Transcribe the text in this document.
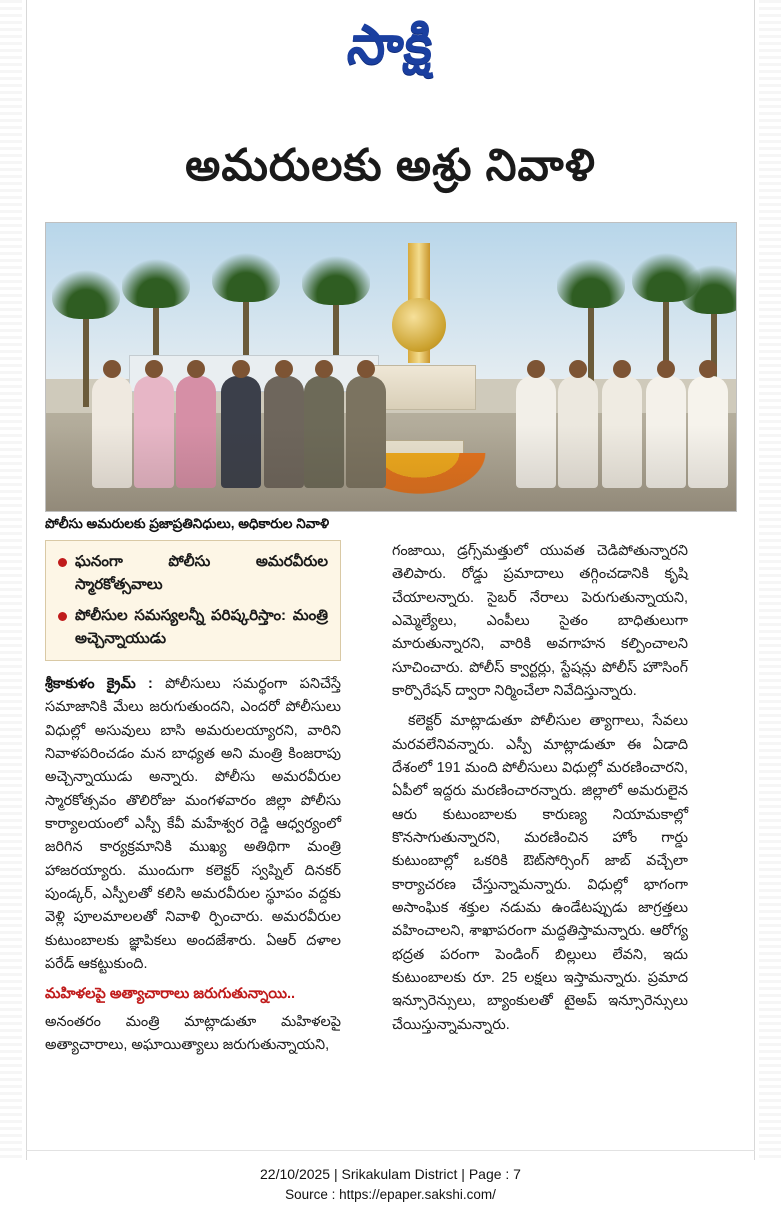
సాక్షి
అమరులకు అశ్రు నివాళి
పోలీసు అమరులకు ప్రజాప్రతినిధులు, అధికారుల నివాళి
ఘనంగా పోలీసు అమరవీరుల స్మారకోత్సవాలు
పోలీసుల సమస్యలన్నీ పరిష్కరిస్తాం: మంత్రి అచ్చెన్నాయుడు

శ్రీకాకుళం క్రైమ్ : పోలీసులు సమర్థంగా పనిచేస్తే సమాజానికి మేలు జరుగుతుందని, ఎందరో పోలీసులు విధుల్లో అసువులు బాసి అమరులయ్యారని, వారిని నివాళపరించడం మన బాధ్యత అని మంత్రి కింజరాపు అచ్చెన్నాయుడు అన్నారు. పోలీసు అమరవీరుల స్మారకోత్సవం తొలిరోజు మంగళవారం జిల్లా పోలీసు కార్యాలయంలో ఎస్పీ కేవీ మహేశ్వర రెడ్డి ఆధ్వర్యంలో జరిగిన కార్యక్రమానికి ముఖ్య అతిథిగా మంత్రి హాజరయ్యారు. ముందుగా కలెక్టర్ స్వప్నిల్ దినకర్ పుండ్కర్, ఎస్పీలతో కలిసి అమరవీరుల స్థూపం వద్దకు వెళ్లి పూలమాలలతో నివాళి ర్పించారు. అమరవీరుల కుటుంబాలకు జ్ఞాపికలు అందజేశారు. ఏఆర్ దళాల పరేడ్ ఆకట్టుకుంది.

మహిళలపై అత్యాచారాలు జరుగుతున్నాయి..

అనంతరం మంత్రి మాట్లాడుతూ మహిళలపై అత్యాచారాలు, అఘాయిత్యాలు జరుగుతున్నాయని,

గంజాయి, డ్రగ్స్‌మత్తులో యువత చెడిపోతున్నారని తెలిపారు. రోడ్డు ప్రమాదాలు తగ్గించడానికి కృషి చేయాలన్నారు. సైబర్ నేరాలు పెరుగుతున్నాయని, ఎమ్మెల్యేలు, ఎంపీలు సైతం బాధితులుగా మారుతున్నారని, వారికి అవగాహన కల్పించాలని సూచించారు. పోలీస్ క్వార్టర్లు, స్టేషన్లు పోలీస్ హౌసింగ్ కార్పొరేషన్ ద్వారా నిర్మించేలా నివేదిస్తున్నారు.

కలెక్టర్ మాట్లాడుతూ పోలీసుల త్యాగాలు, సేవలు మరవలేనివన్నారు. ఎస్పీ మాట్లాడుతూ ఈ ఏడాది దేశంలో 191 మంది పోలీసులు విధుల్లో మరణించారని, ఏపీలో ఇద్దరు మరణించారన్నారు. జిల్లాలో అమరులైన ఆరు కుటుంబాలకు కారుణ్య నియామకాల్లో కొనసాగుతున్నారని, మరణించిన హోం గార్డు కుటుంబాల్లో ఒకరికి ఔట్‌సోర్సింగ్ జాబ్ వచ్చేలా కార్యాచరణ చేస్తున్నామన్నారు. విధుల్లో భాగంగా అసాంఘిక శక్తుల నడుమ ఉండేటప్పుడు జాగ్రత్తలు వహించాలని, శాఖాపరంగా మద్దతిస్తామన్నారు. ఆరోగ్య భద్రత పరంగా పెండింగ్ బిల్లులు లేవని, ఇదు కుటుంబాలకు రూ. 25 లక్షలు ఇస్తామన్నారు. ప్రమాద ఇన్సూరెన్సులు, బ్యాంకులతో టైఅప్ ఇన్సూరెన్సులు చేయిస్తున్నామన్నారు.

22/10/2025 | Srikakulam District | Page : 7
Source : https://epaper.sakshi.com/
